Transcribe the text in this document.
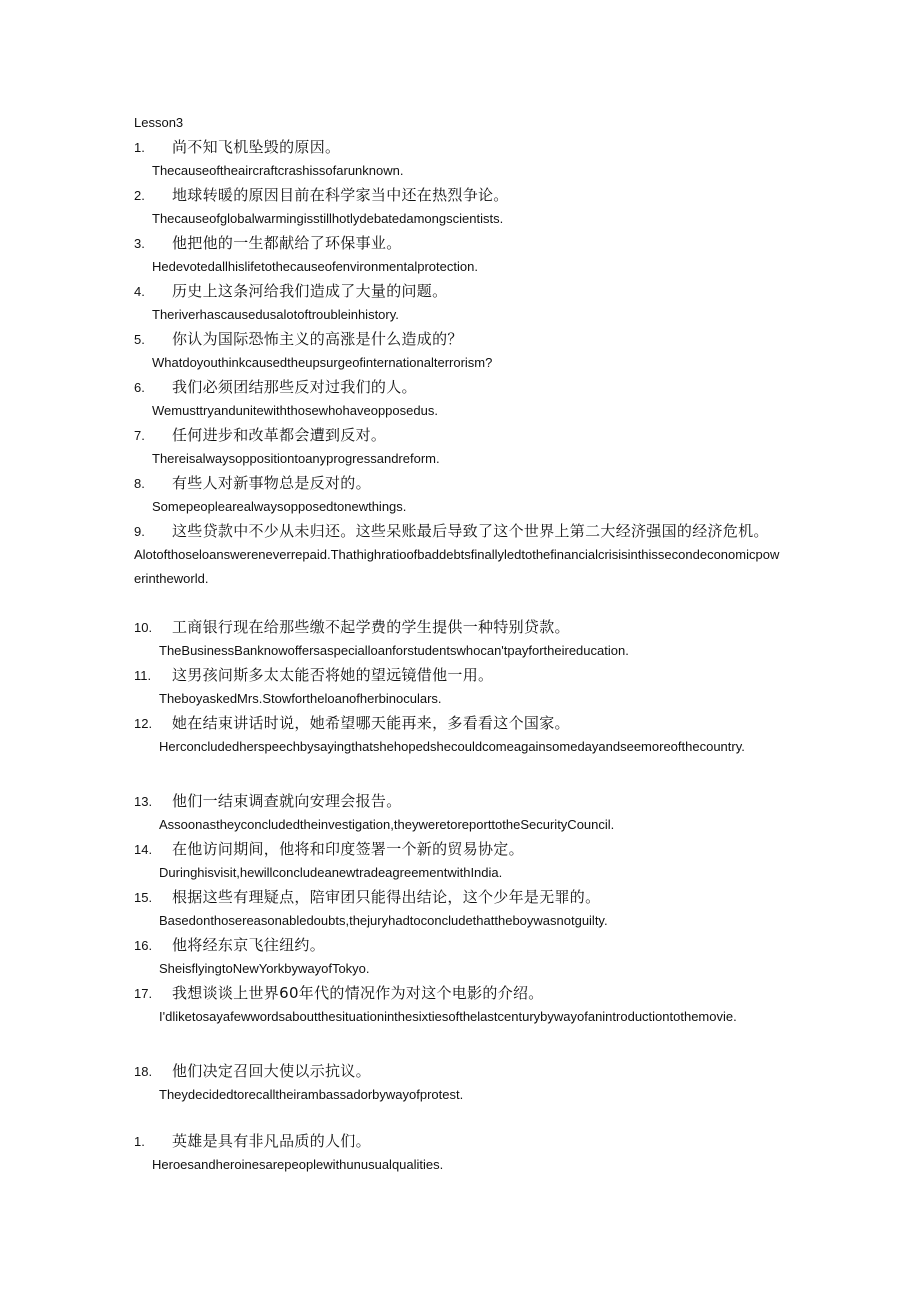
Lesson3
1.	尚不知飞机坠毁的原因。
Thecauseoftheaircraftcrashissofarunknown.
2.	地球转暖的原因目前在科学家当中还在热烈争论。
Thecauseofglobalwarmingisstillhotlydebatedamongscientists.
3.	他把他的一生都献给了环保事业。
Hedevotedallhislifetothecauseofenvironmentalprotection.
4.	历史上这条河给我们造成了大量的问题。
Theriverhascausedusalotoftroubleinhistory.
5.	你认为国际恐怖主义的高涨是什么造成的？
Whatdoyouthinkcausedtheupsurgeofinternationalterrorism?
6.	我们必须团结那些反对过我们的人。
Wemusttryandunitewiththosewhohaveopposedus.
7.	任何进步和改革都会遭到反对。
Thereisalwaysoppositiontoanyprogressandreform.
8.	有些人对新事物总是反对的。
Somepeoplearealwaysopposedtonewthings.
9. 这些贷款中不少从未归还。这些呆账最后导致了这个世界上第二大经济强国的经济危机。
Alotofthoseloanswereneverrepaid.Thathighratioofbaddebtsfinallyledtothefinancialcrisisinthissecondeconomicpowerintheworld.
10.	工商银行现在给那些缴不起学费的学生提供一种特别贷款。
TheBusinessBanknowoffersaspecialloanforstudentswhocan'tpayfortheireducation.
11.	这男孩问斯多太太能否将她的望远镜借他一用。
TheboyaskedMrs.Stowfortheloanofherbinoculars.
12.	她在结束讲话时说，她希望哪天能再来，多看看这个国家。
Herconcludedherspeechbysayingthatshehopedshecouldcomeagainsomedayandseemoreofthecountry.
13.	他们一结束调查就向安理会报告。
Assoonastheyconcludedtheinvestigation,theyweretoreporttotheSecurityCouncil.
14.	在他访问期间，他将和印度签署一个新的贸易协定。
Duringhisvisit,hewillconcludeanewtradeagreementwithIndia.
15.	根据这些有理疑点，陪审团只能得出结论，这个少年是无罪的。
Basedonthosereasonabledoubts,thejuryhadtoconcludethattheboywasnotguilty.
16.	他将经东京飞往纽约。
SheisflyingtoNewYorkbywayofTokyo.
17.	我想谈谈上世界60年代的情况作为对这个电影的介绍。
I'dliketosayafewwordsaboutthesituationinthesixtiesofthelastcenturybywayofanintroductiontothemovie.
18.	他们决定召回大使以示抗议。
Theydecidedtorecalltheirambassadorbywayofprotest.
1.	英雄是具有非凡品质的人们。
Heroesandheroinesarepeoplewithunusualqualities.
